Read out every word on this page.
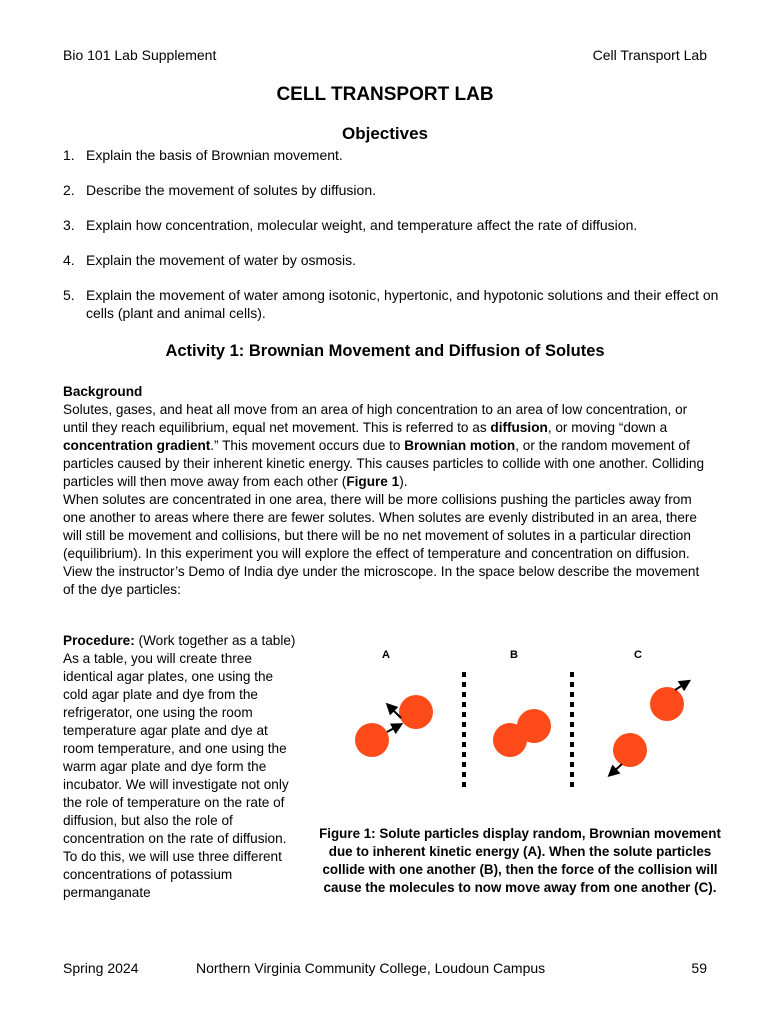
Bio 101 Lab Supplement	Cell Transport Lab
CELL TRANSPORT LAB
Objectives
1. Explain the basis of Brownian movement.
2. Describe the movement of solutes by diffusion.
3. Explain how concentration, molecular weight, and temperature affect the rate of diffusion.
4. Explain the movement of water by osmosis.
5. Explain the movement of water among isotonic, hypertonic, and hypotonic solutions and their effect on cells (plant and animal cells).
Activity 1: Brownian Movement and Diffusion of Solutes

Background

Solutes, gases, and heat all move from an area of high concentration to an area of low concentration, or until they reach equilibrium, equal net movement. This is referred to as diffusion, or moving “down a concentration gradient.” This movement occurs due to Brownian motion, or the random movement of particles caused by their inherent kinetic energy. This causes particles to collide with one another. Colliding particles will then move away from each other (Figure 1).

When solutes are concentrated in one area, there will be more collisions pushing the particles away from one another to areas where there are fewer solutes. When solutes are evenly distributed in an area, there will still be movement and collisions, but there will be no net movement of solutes in a particular direction (equilibrium). In this experiment you will explore the effect of temperature and concentration on diffusion.

View the instructor’s Demo of India dye under the microscope. In the space below describe the movement of the dye particles:

Procedure: (Work together as a table)

As a table, you will create three identical agar plates, one using the cold agar plate and dye from the refrigerator, one using the room temperature agar plate and dye at room temperature, and one using the warm agar plate and dye form the incubator. We will investigate not only the role of temperature on the rate of diffusion, but also the role of concentration on the rate of diffusion. To do this, we will use three different concentrations of potassium permanganate

A	B	C
Figure 1: Solute particles display random, Brownian movement due to inherent kinetic energy (A). When the solute particles collide with one another (B), then the force of the collision will cause the molecules to now move away from one another (C).
Spring 2024	Northern Virginia Community College, Loudoun Campus	59
